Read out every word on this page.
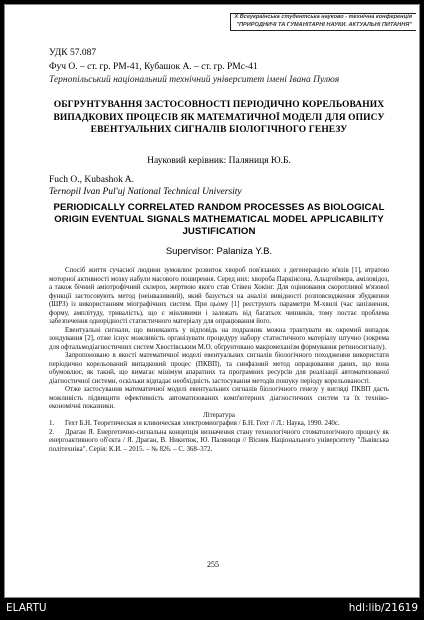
X Всеукраїнська студентська науково - технічна конференція
"ПРИРОДНИЧІ ТА ГУМАНІТАРНІ НАУКИ. АКТУАЛЬНІ ПИТАННЯ"
УДК 57.087
Фуч О. – ст. гр. РМ-41, Кубашок А. – ст. гр. РМс-41
Тернопільський національний технічний університет імені Івана Пулюя
ОБГРУНТУВАННЯ ЗАСТОСОВНОСТІ ПЕРІОДИЧНО КОРЕЛЬОВАНИХ ВИПАДКОВИХ ПРОЦЕСІВ ЯК МАТЕМАТИЧНОЇ МОДЕЛІ ДЛЯ ОПИСУ ЕВЕНТУАЛЬНИХ СИГНАЛІВ БІОЛОГІЧНОГО ГЕНЕЗУ
Науковий керівник: Паляниця Ю.Б.
Fuch O., Kubashok A.
Ternopil Ivan Pul'uj National Technical University
PERIODICALLY CORRELATED RANDOM PROCESSES AS BIOLOGICAL ORIGIN EVENTUAL SIGNALS MATHEMATICAL MODEL APPLICABILITY JUSTIFICATION
Supervisor: Palaniza Y.B.

Спосіб життя сучасної людини зумовлює розвиток хвороб пов'язаних з дегенерацією м'язів [1], втратою моторної активності мозку набули масового поширення. Серед них: хвороба Паркінсона, Альцгеймера, аміловідоз, а також бічний аміотрофічний склероз, жертвою якого став Стівен Хокінг. Для оцінювання скоротливої м'язової функції застосовують метод (неінвазивний), який базується на аналізі вивідності розповсюдження збудження (ШРЗ) із використанням міографічних систем. При цьому [1] реєструють параметри М-хвилі (час запізнення, форму, амплітуду, тривалість), що є мінливими і залежать від багатьох чинників, тому постає проблема забезпечення однорідності статистичного матеріалу для опрацювання його.

Евентуальні сигнали, що виникають у відповідь на подразник можна трактувати як окремий випадок зондування [2], отже існує можливість організувати процедуру набору статистичного матеріалу штучно (зокрема для офтальмодіагностичних систем Хвостівським М.О. обґрунтовано макромеханізм формування ретиносигналу).

Запропоновано в якості математичної моделі евентуальних сигналів біологічного походження використати періодично корельований випадковий процес (ПКВП), та синфазний метод опрацювання даних, що вона обумовлює, як такий, що вимагає мінімум апаратних та програмних ресурсів для реалізації автоматизованої діагностичної системи, оскільки відпадає необхідність застосування методів пошуку періоду корельованості.

Отже застосування математичної моделі евентуальних сигналів біологічного генезу у вигляді ПКВП дасть можливість підвищити ефективність автоматизованих комп'ютерних діагностичних систем та їх техніко-економічні показники.

Література

1. Гехт Б.Н. Теоретическая и клиническая электромиография / Б.Н. Гехт // Л.: Наука, 1990. 240с.

2. Драган Я. Енергетично-сигнальна концепція визначення стану технологічного стоматологічного процесу як енергоактивного об'єкта / Я. Драган, В. Никитюк, Ю. Паляниця // Вісник Національного університету "Львівська політехніка". Серія: К.И. – 2015. – № 826. – С. 368–372.

255
ELARTU	hdl:lib/21619
